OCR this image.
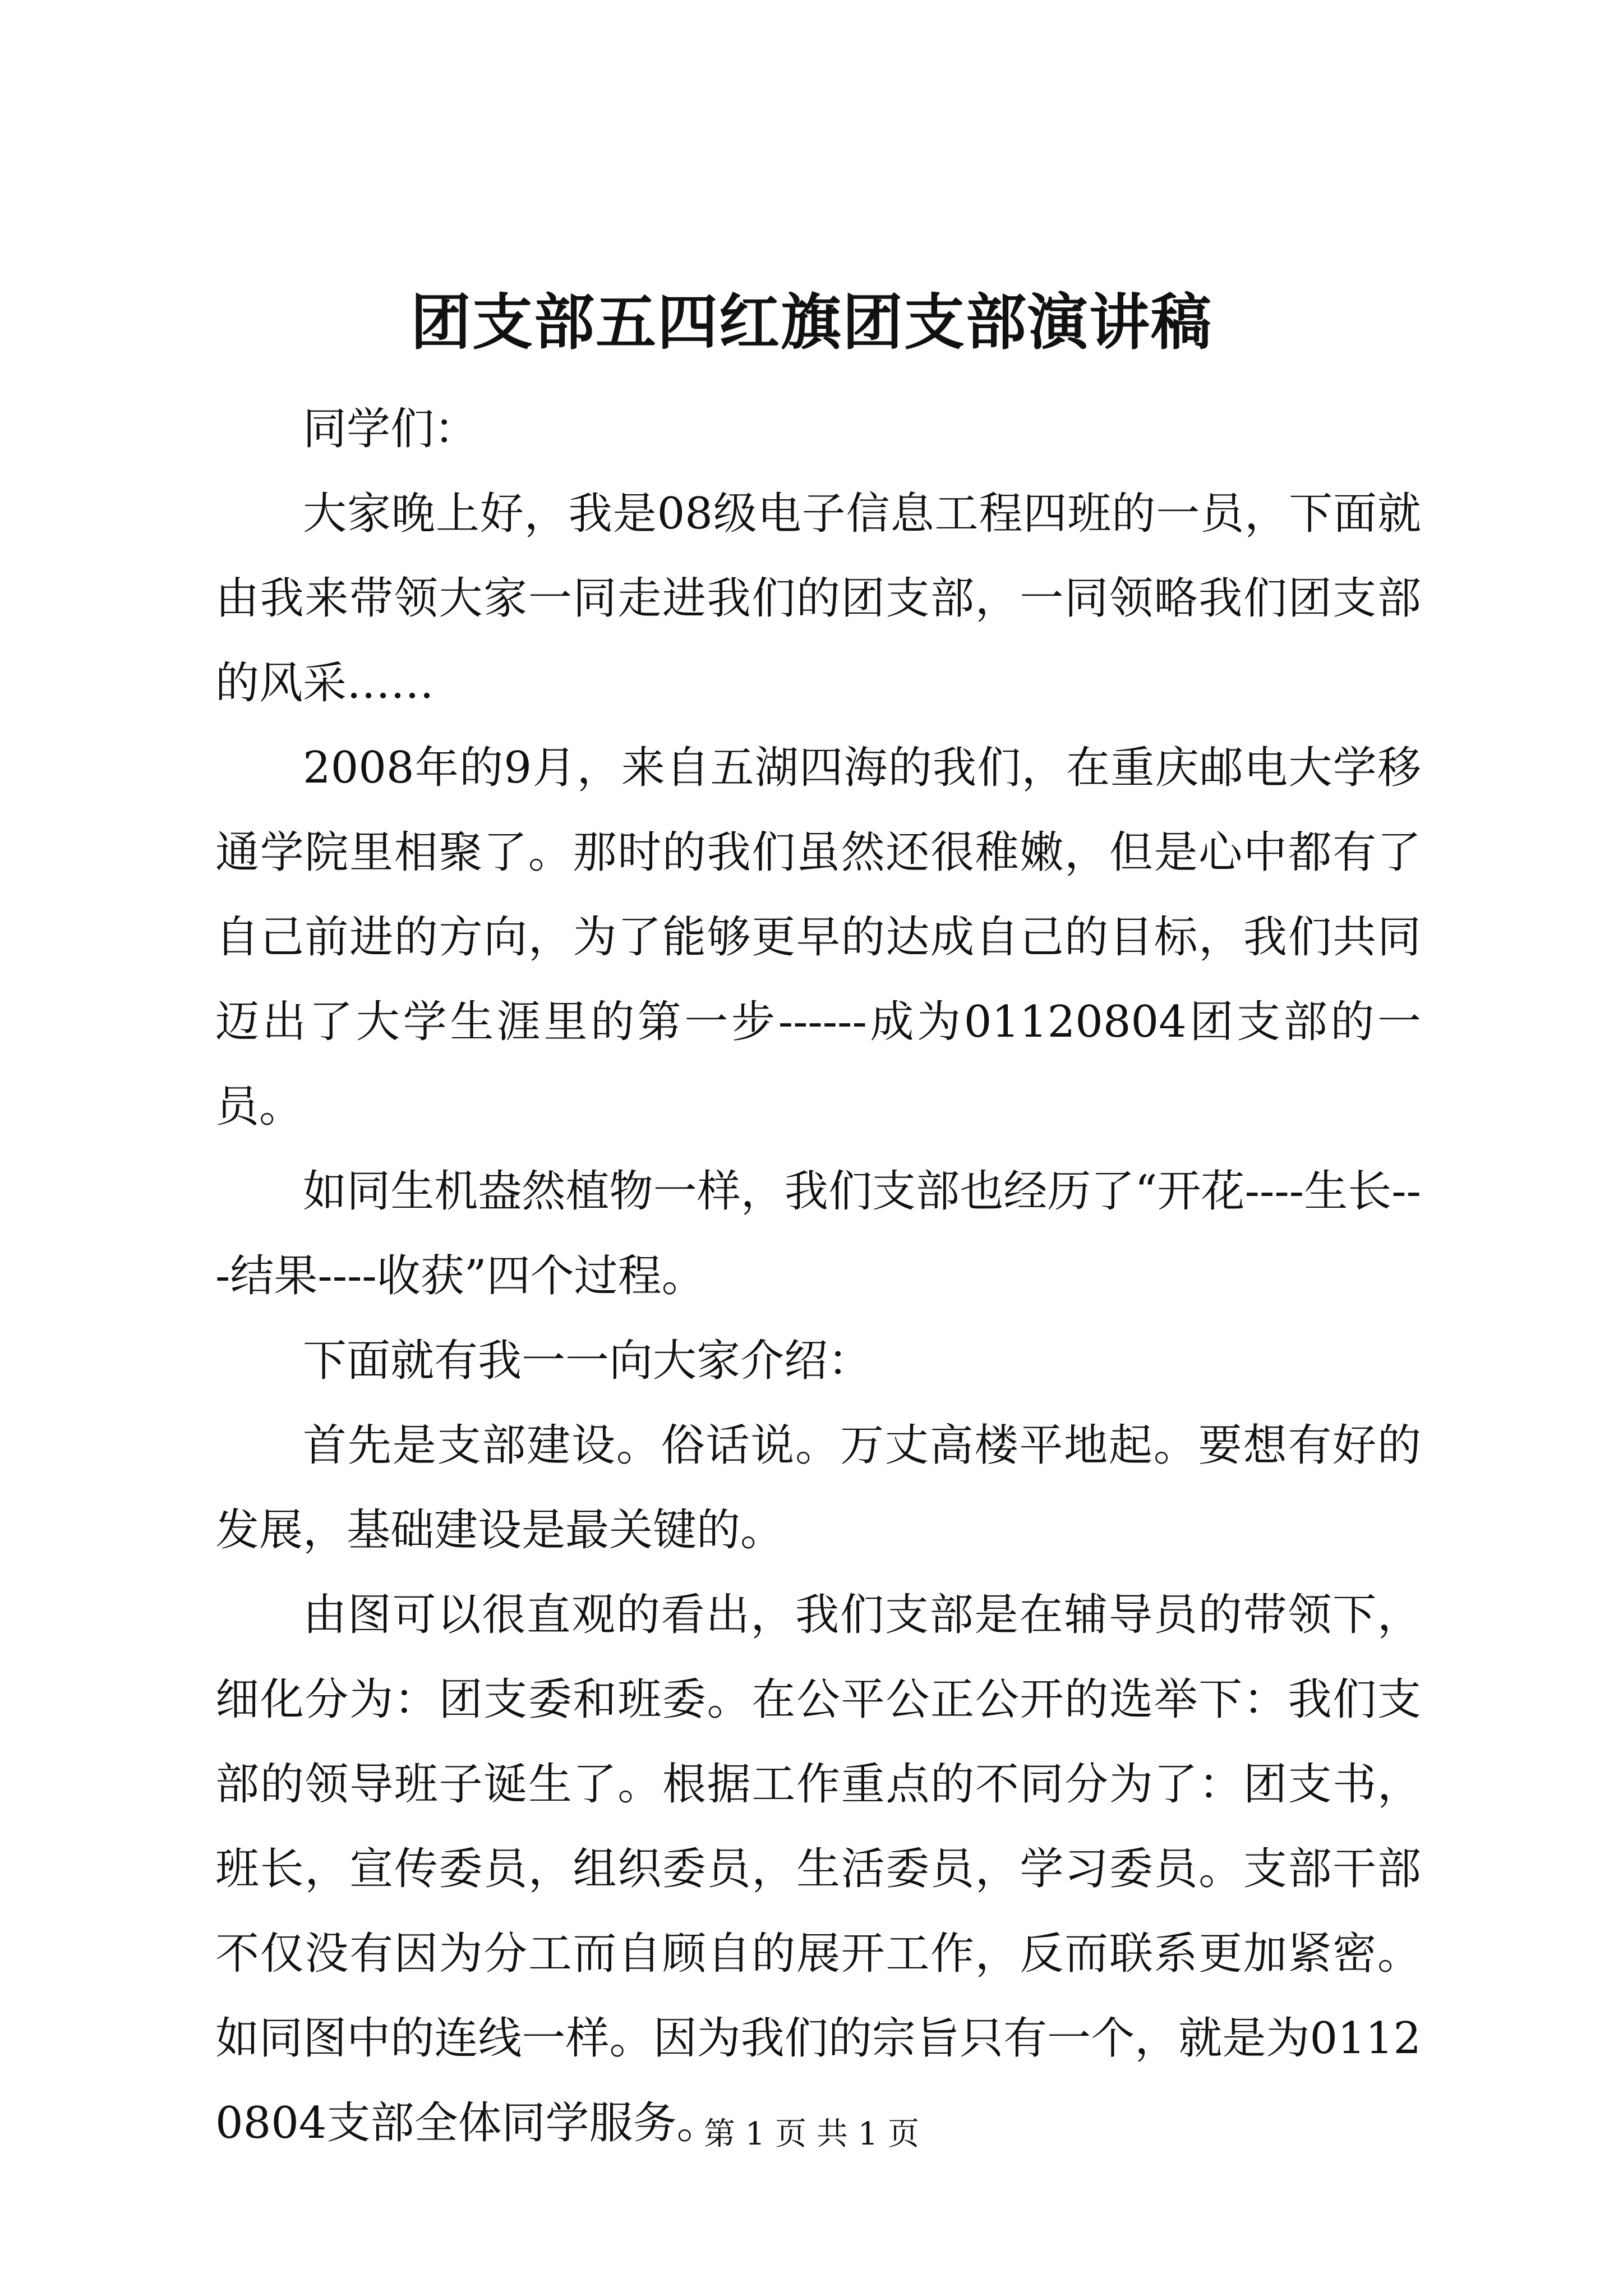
团支部五四红旗团支部演讲稿

同学们：

大家晚上好，我是08级电子信息工程四班的一员，下面就由我来带领大家一同走进我们的团支部，一同领略我们团支部的风采……

2008年的9月，来自五湖四海的我们，在重庆邮电大学移通学院里相聚了。那时的我们虽然还很稚嫩，但是心中都有了自己前进的方向，为了能够更早的达成自己的目标，我们共同迈出了大学生涯里的第一步------成为01120804团支部的一员。

如同生机盎然植物一样，我们支部也经历了“开花----生长---结果----收获”四个过程。

下面就有我一一向大家介绍：

首先是支部建设。俗话说。万丈高楼平地起。要想有好的发展，基础建设是最关键的。

由图可以很直观的看出，我们支部是在辅导员的带领下，细化分为：团支委和班委。在公平公正公开的选举下：我们支部的领导班子诞生了。根据工作重点的不同分为了：团支书，班长，宣传委员，组织委员，生活委员，学习委员。支部干部不仅没有因为分工而自顾自的展开工作，反而联系更加紧密。如同图中的连线一样。因为我们的宗旨只有一个，就是为01120804支部全体同学服务。

第 1 页 共 1 页
